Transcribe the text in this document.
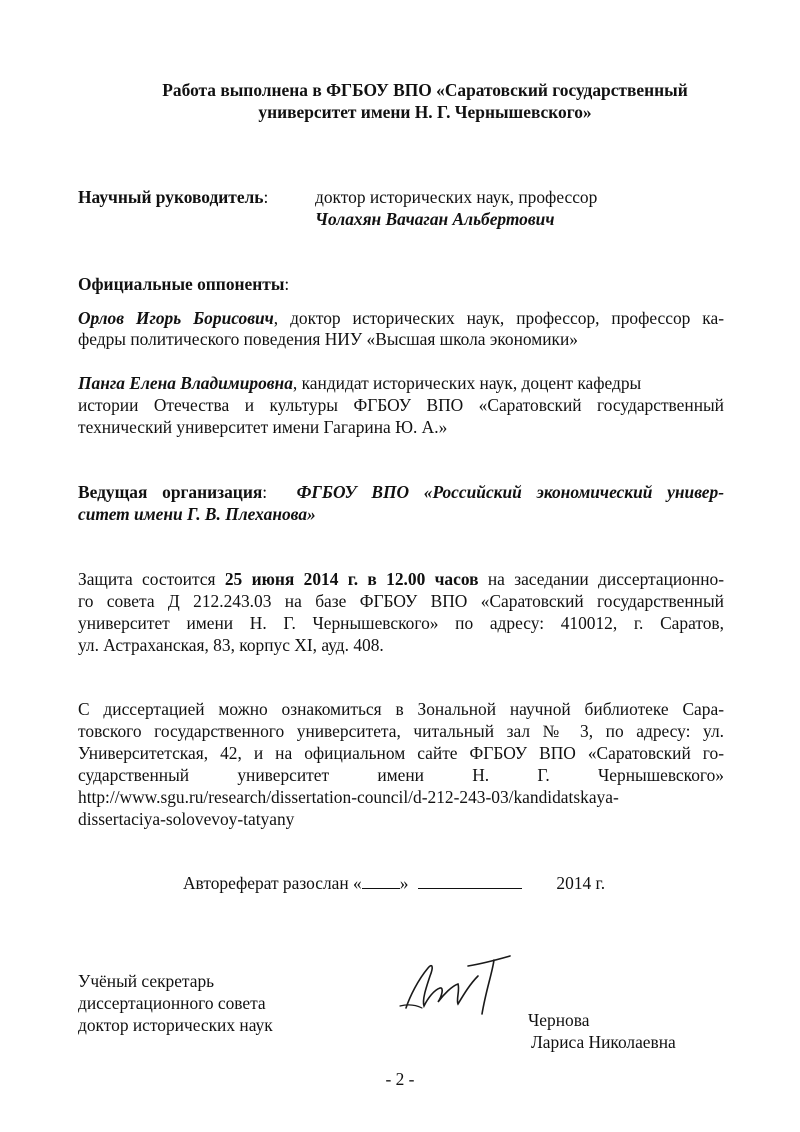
Работа выполнена в ФГБОУ ВПО «Саратовский государственный
университет имени Н. Г. Чернышевского»
Научный руководитель:	доктор исторических наук, профессор
Чолахян Вачаган Альбертович
Официальные оппоненты:
Орлов Игорь Борисович, доктор исторических наук, профессор, профессор ка-
федры политического поведения НИУ «Высшая школа экономики»
Панга Елена Владимировна, кандидат исторических наук, доцент кафедры
истории Отечества и культуры ФГБОУ ВПО «Саратовский государственный
технический университет имени Гагарина Ю. А.»
Ведущая организация: ФГБОУ ВПО «Российский экономический универ-
ситет имени Г. В. Плеханова»
Защита состоится 25 июня 2014 г. в 12.00 часов на заседании диссертационно-
го совета Д 212.243.03 на базе ФГБОУ ВПО «Саратовский государственный
университет имени Н. Г. Чернышевского» по адресу: 410012, г. Саратов,
ул. Астраханская, 83, корпус XI, ауд. 408.
С диссертацией можно ознакомиться в Зональной научной библиотеке Сара-
товского государственного университета, читальный зал № 3, по адресу: ул.
Университетская, 42, и на официальном сайте ФГБОУ ВПО «Саратовский го-
сударственный университет имени Н. Г. Чернышевского»
http://www.sgu.ru/research/dissertation-council/d-212-243-03/kandidatskaya-
dissertaciya-solovevoy-tatyany
Автореферат разослан « »	2014 г.
Учёный секретарь
диссертационного совета
доктор исторических наук	Чернова
Лариса Николаевна
- 2 -
